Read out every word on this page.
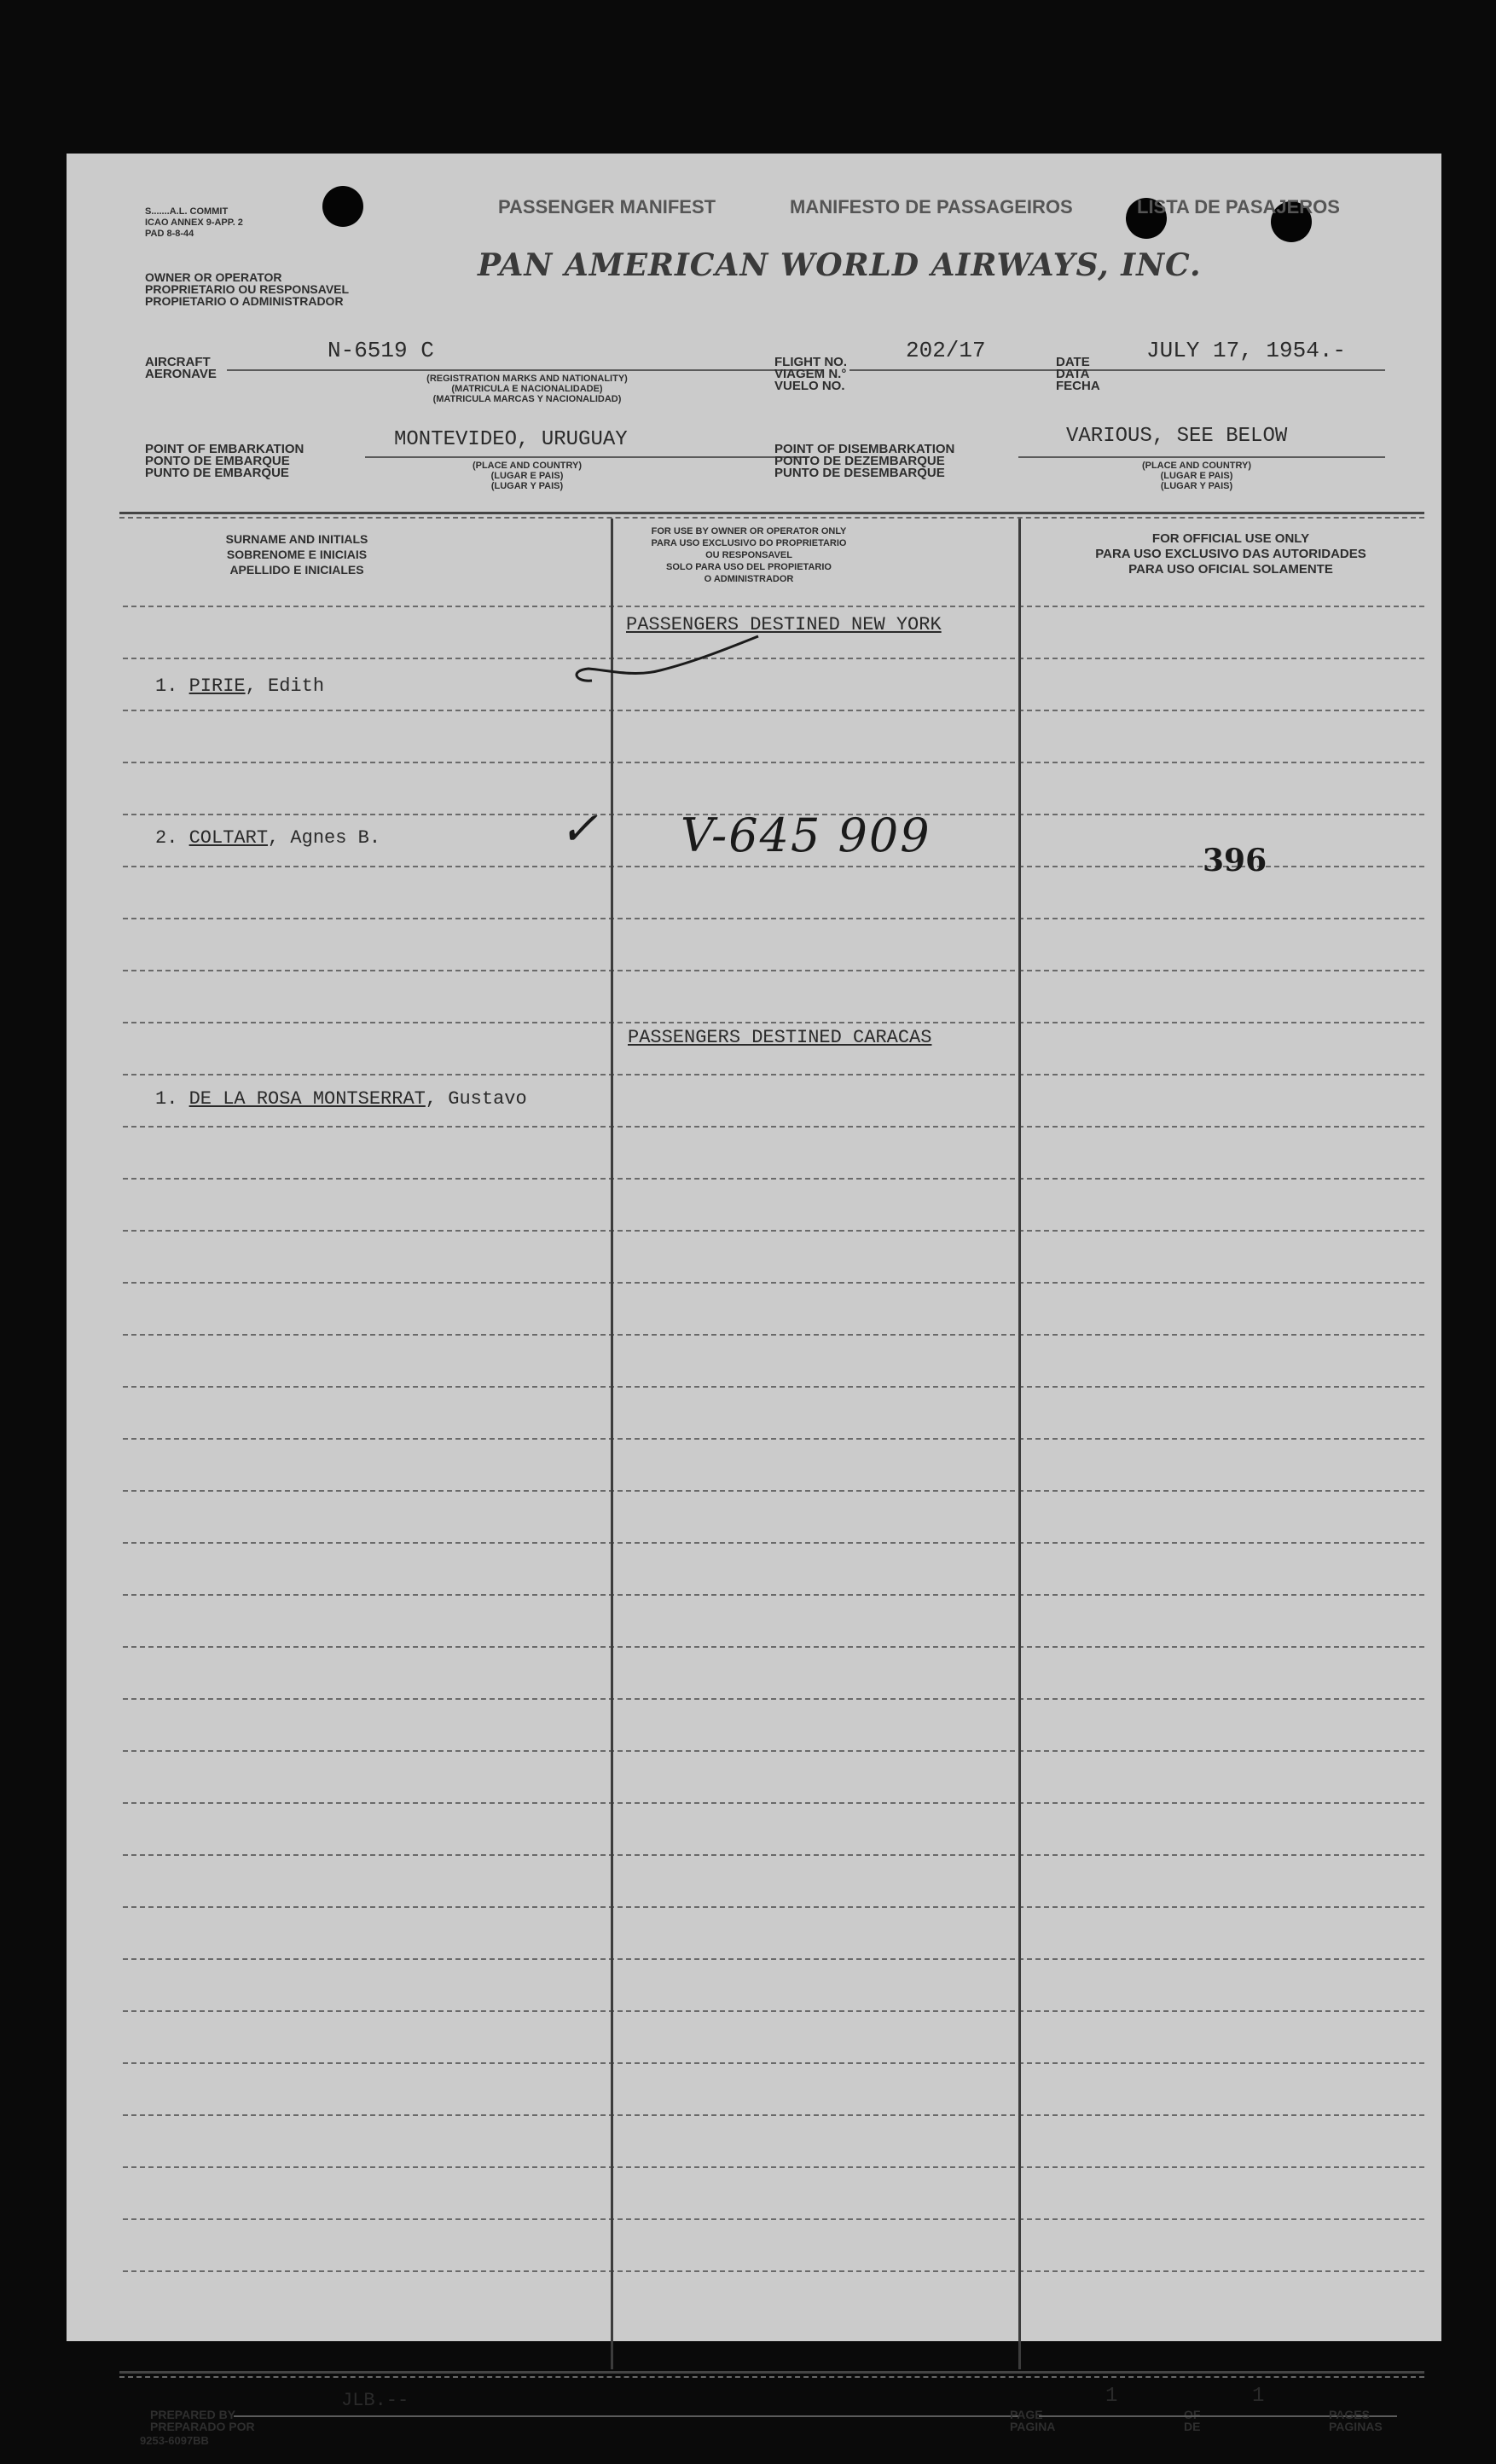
S.......A.L. COMMIT
ICAO ANNEX 9-APP. 2
PAD 8-8-44
OWNER OR OPERATOR
PROPRIETARIO OU RESPONSAVEL
PROPIETARIO O ADMINISTRADOR
PASSENGER MANIFEST	MANIFESTO DE PASSAGEIROS	LISTA DE PASAJEROS
PAN AMERICAN WORLD AIRWAYS, INC.
AIRCRAFT
AERONAVE
N-6519 C
(REGISTRATION MARKS AND NATIONALITY)
(MATRICULA E NACIONALIDADE)
(MATRICULA MARCAS Y NACIONALIDAD)
FLIGHT NO.
VIAGEM N.°
VUELO NO.
202/17	DATE
DATA
FECHA
JULY 17, 1954.-
POINT OF EMBARKATION
PONTO DE EMBARQUE
PUNTO DE EMBARQUE
MONTEVIDEO, URUGUAY
(PLACE AND COUNTRY)
(LUGAR E PAIS)
(LUGAR Y PAIS)
POINT OF DISEMBARKATION
PONTO DE DEZEMBARQUE
PUNTO DE DESEMBARQUE
VARIOUS, SEE BELOW
(PLACE AND COUNTRY)
(LUGAR E PAIS)
(LUGAR Y PAIS)
SURNAME AND INITIALS
SOBRENOME E INICIAIS
APELLIDO E INICIALES
FOR USE BY OWNER OR OPERATOR ONLY
PARA USO EXCLUSIVO DO PROPRIETARIO
OU RESPONSAVEL
SOLO PARA USO DEL PROPIETARIO
O ADMINISTRADOR
FOR OFFICIAL USE ONLY
PARA USO EXCLUSIVO DAS AUTORIDADES
PARA USO OFICIAL SOLAMENTE
PASSENGERS DESTINED NEW YORK
1. PIRIE, Edith
2. COLTART, Agnes B.	✓ V-645 909	396
PASSENGERS DESTINED CARACAS
1. DE LA ROSA MONTSERRAT, Gustavo
PREPARED BY
PREPARADO POR
JLB.--
9253-6097BB
PAGE
PAGINA
1
OF
DE
1
PAGES
PAGINAS
